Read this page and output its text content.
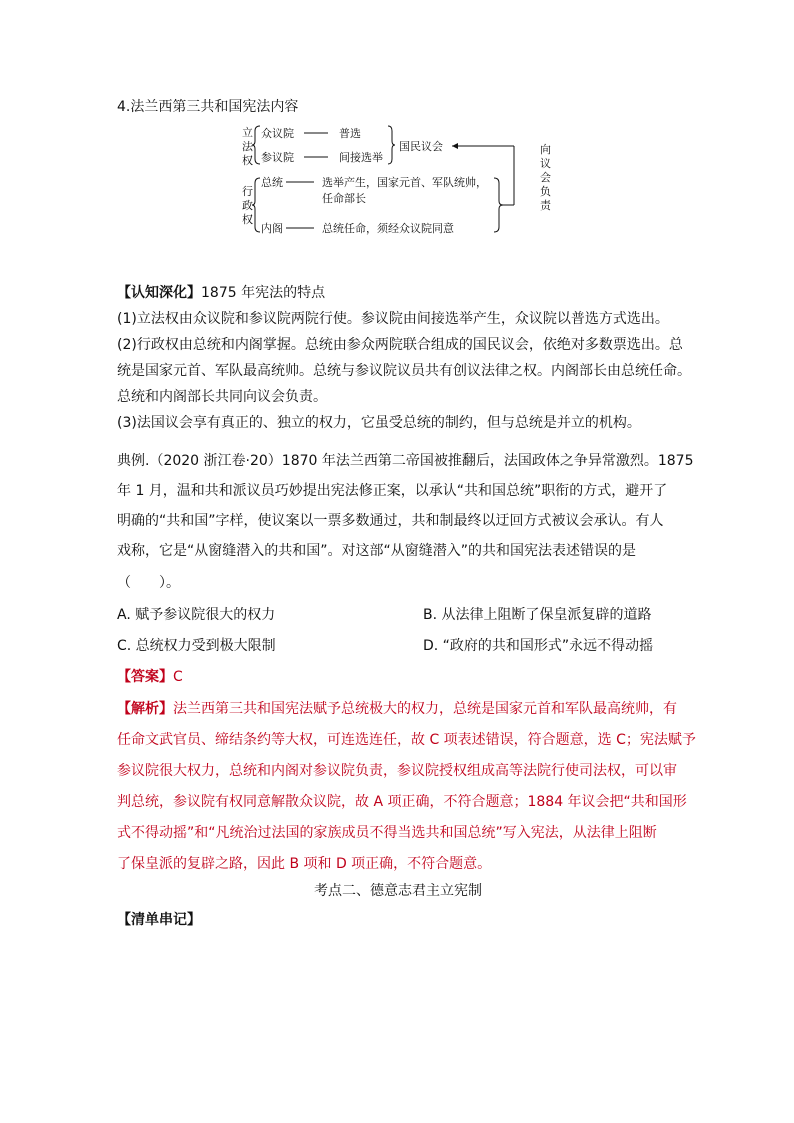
4.法兰西第三共和国宪法内容
立
法
权
行
政
权
众议院	普选
参议院	间接选举
国民议会	向
议
会
负
责
总统	选举产生，国家元首、军队统帅，
任命部长
内阁	总统任命，须经众议院同意
【认知深化】1875 年宪法的特点
(1)立法权由众议院和参议院两院行使。参议院由间接选举产生，众议院以普选方式选出。
(2)行政权由总统和内阁掌握。总统由参众两院联合组成的国民议会，依绝对多数票选出。总
统是国家元首、军队最高统帅。总统与参议院议员共有创议法律之权。内阁部长由总统任命。
总统和内阁部长共同向议会负责。
(3)法国议会享有真正的、独立的权力，它虽受总统的制约，但与总统是并立的机构。
典例.（2020 浙江卷·20）1870 年法兰西第二帝国被推翻后，法国政体之争异常激烈。1875
年 1 月，温和共和派议员巧妙提出宪法修正案，以承认“共和国总统”职衔的方式，避开了
明确的“共和国”字样，使议案以一票多数通过，共和制最终以迂回方式被议会承认。有人
戏称，它是“从窗缝潜入的共和国”。对这部“从窗缝潜入”的共和国宪法表述错误的是
（　　）。
A. 赋予参议院很大的权力	B. 从法律上阻断了保皇派复辟的道路
C. 总统权力受到极大限制	D. “政府的共和国形式”永远不得动摇
【答案】C
【解析】法兰西第三共和国宪法赋予总统极大的权力，总统是国家元首和军队最高统帅，有
任命文武官员、缔结条约等大权，可连选连任，故 C 项表述错误，符合题意，选 C；宪法赋予
参议院很大权力，总统和内阁对参议院负责，参议院授权组成高等法院行使司法权，可以审
判总统，参议院有权同意解散众议院，故 A 项正确，不符合题意；1884 年议会把“共和国形
式不得动摇”和“凡统治过法国的家族成员不得当选共和国总统”写入宪法，从法律上阻断
了保皇派的复辟之路，因此 B 项和 D 项正确，不符合题意。
考点二、德意志君主立宪制
【清单串记】
